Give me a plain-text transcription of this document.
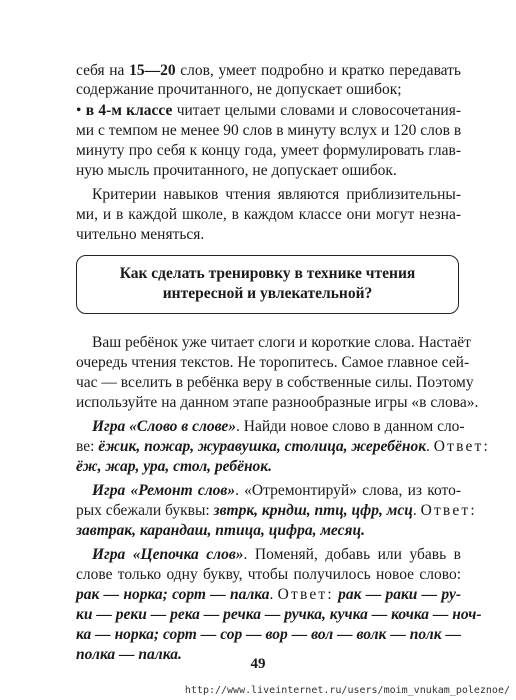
себя на 15—20 слов, умеет подробно и кратко передавать
содержание прочитанного, не допускает ошибок;
• в 4-м классе читает целыми словами и словосочетания-
ми с темпом не менее 90 слов в минуту вслух и 120 слов в
минуту про себя к концу года, умеет формулировать глав-
ную мысль прочитанного, не допускает ошибок.
Критерии навыков чтения являются приблизительны-
ми, и в каждой школе, в каждом классе они могут незна-
чительно меняться.
Как сделать тренировку в технике чтения
интересной и увлекательной?
Ваш ребёнок уже читает слоги и короткие слова. Настаёт
очередь чтения текстов. Не торопитесь. Самое главное сей-
час — вселить в ребёнка веру в собственные силы. Поэтому
используйте на данном этапе разнообразные игры «в слова».
Игра «Слово в слове». Найди новое слово в данном сло-
ве: ёжик, пожар, журавушка, столица, жеребёнок. Ответ:
ёж, жар, ура, стол, ребёнок.
Игра «Ремонт слов». «Отремонтируй» слова, из кото-
рых сбежали буквы: звтрк, крндш, птц, цфр, мсц. Ответ:
завтрак, карандаш, птица, цифра, месяц.
Игра «Цепочка слов». Поменяй, добавь или убавь в
слове только одну букву, чтобы получилось новое слово:
рак — норка; сорт — палка. Ответ: рак — раки — ру-
ки — реки — река — речка — ручка, кучка — кочка — ноч-
ка — норка; сорт — сор — вор — вол — волк — полк —
полка — палка.
49
http://www.liveinternet.ru/users/moim_vnukam_poleznoe/
